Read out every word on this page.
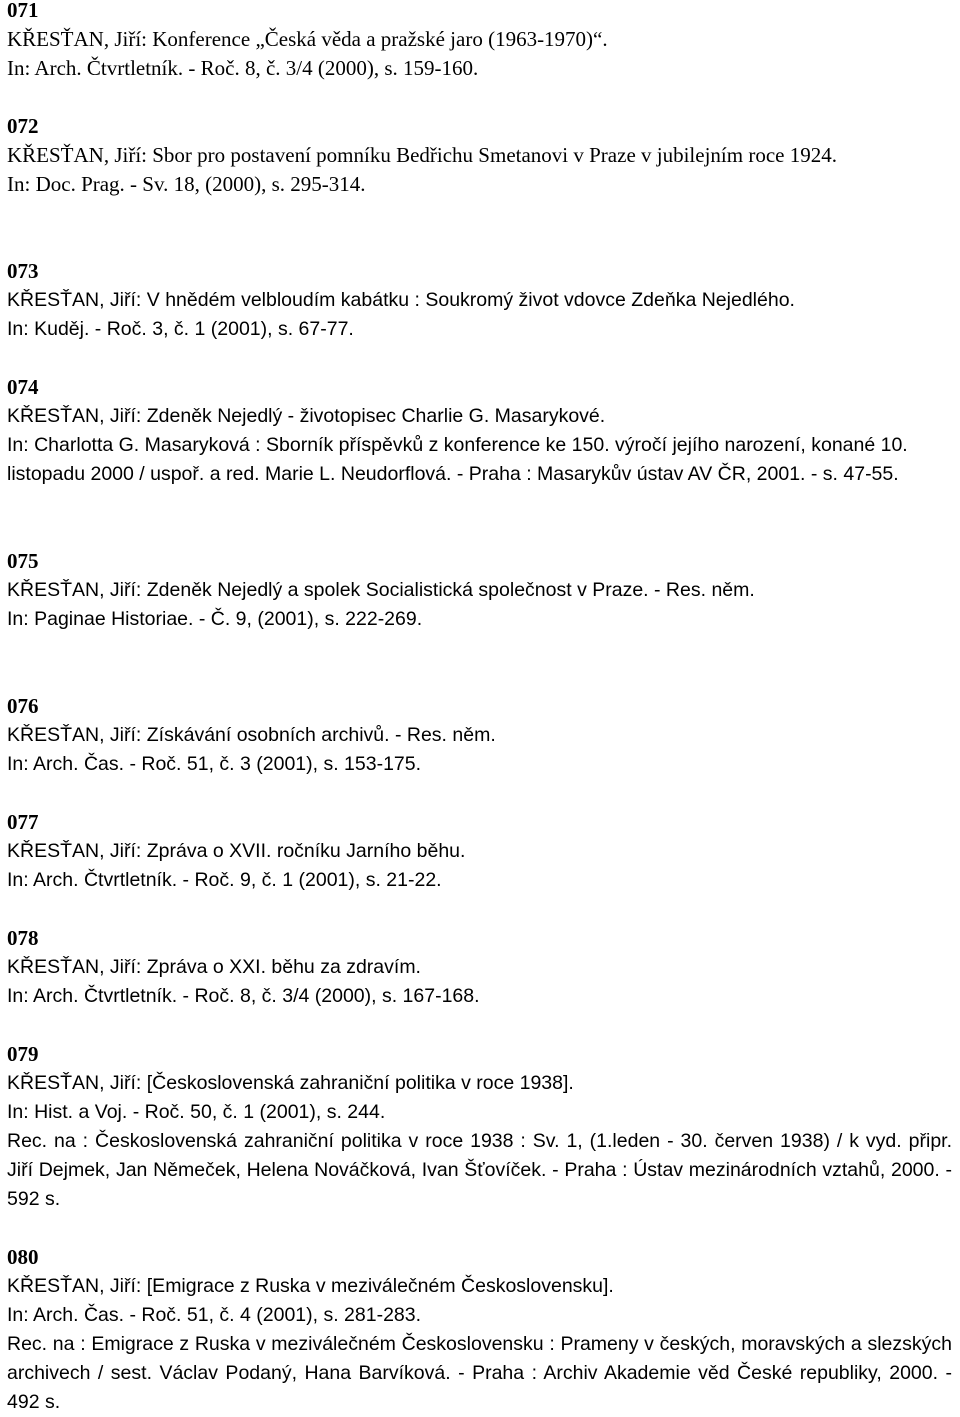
071
KŘESŤAN, Jiří: Konference „Česká věda a pražské jaro (1963-1970)“.
In: Arch. Čtvrtletník. - Roč. 8, č. 3/4 (2000), s. 159-160.
072
KŘESŤAN, Jiří: Sbor pro postavení pomníku Bedřichu Smetanovi v Praze v jubilejním roce 1924.
In: Doc. Prag. - Sv. 18, (2000), s. 295-314.
073
KŘESŤAN, Jiří: V hnědém velbloudím kabátku : Soukromý život vdovce Zdeňka Nejedlého.
In: Kuděj. - Roč. 3, č. 1 (2001), s. 67-77.
074
KŘESŤAN, Jiří: Zdeněk Nejedlý - životopisec Charlie G. Masarykové.
In: Charlotta G. Masaryková : Sborník příspěvků z konference ke 150. výročí jejího narození, konané 10. listopadu 2000 / uspoř. a red. Marie L. Neudorflová. - Praha : Masarykův ústav AV ČR, 2001. - s. 47-55.
075
KŘESŤAN, Jiří: Zdeněk Nejedlý a spolek Socialistická společnost v Praze. - Res. něm.
In: Paginae Historiae. - Č. 9, (2001), s. 222-269.
076
KŘESŤAN, Jiří: Získávání osobních archivů. - Res. něm.
In: Arch. Čas. - Roč. 51, č. 3 (2001), s. 153-175.
077
KŘESŤAN, Jiří: Zpráva o XVII. ročníku Jarního běhu.
In: Arch. Čtvrtletník. - Roč. 9, č. 1 (2001), s. 21-22.
078
KŘESŤAN, Jiří: Zpráva o XXI. běhu za zdravím.
In: Arch. Čtvrtletník. - Roč. 8, č. 3/4 (2000), s. 167-168.
079
KŘESŤAN, Jiří: [Československá zahraniční politika v roce 1938].
In: Hist. a Voj. - Roč. 50, č. 1 (2001), s. 244.
Rec. na : Československá zahraniční politika v roce 1938 : Sv. 1, (1.leden - 30. červen 1938) / k vyd. připr. Jiří Dejmek, Jan Němeček, Helena Nováčková, Ivan Šťovíček. - Praha : Ústav mezinárodních vztahů, 2000. - 592 s.
080
KŘESŤAN, Jiří: [Emigrace z Ruska v meziválečném Československu].
In: Arch. Čas. - Roč. 51, č. 4 (2001), s. 281-283.
Rec. na : Emigrace z Ruska v meziválečném Československu : Prameny v českých, moravských a slezských archivech / sest. Václav Podaný, Hana Barvíková. - Praha : Archiv Akademie věd České republiky, 2000. - 492 s.
